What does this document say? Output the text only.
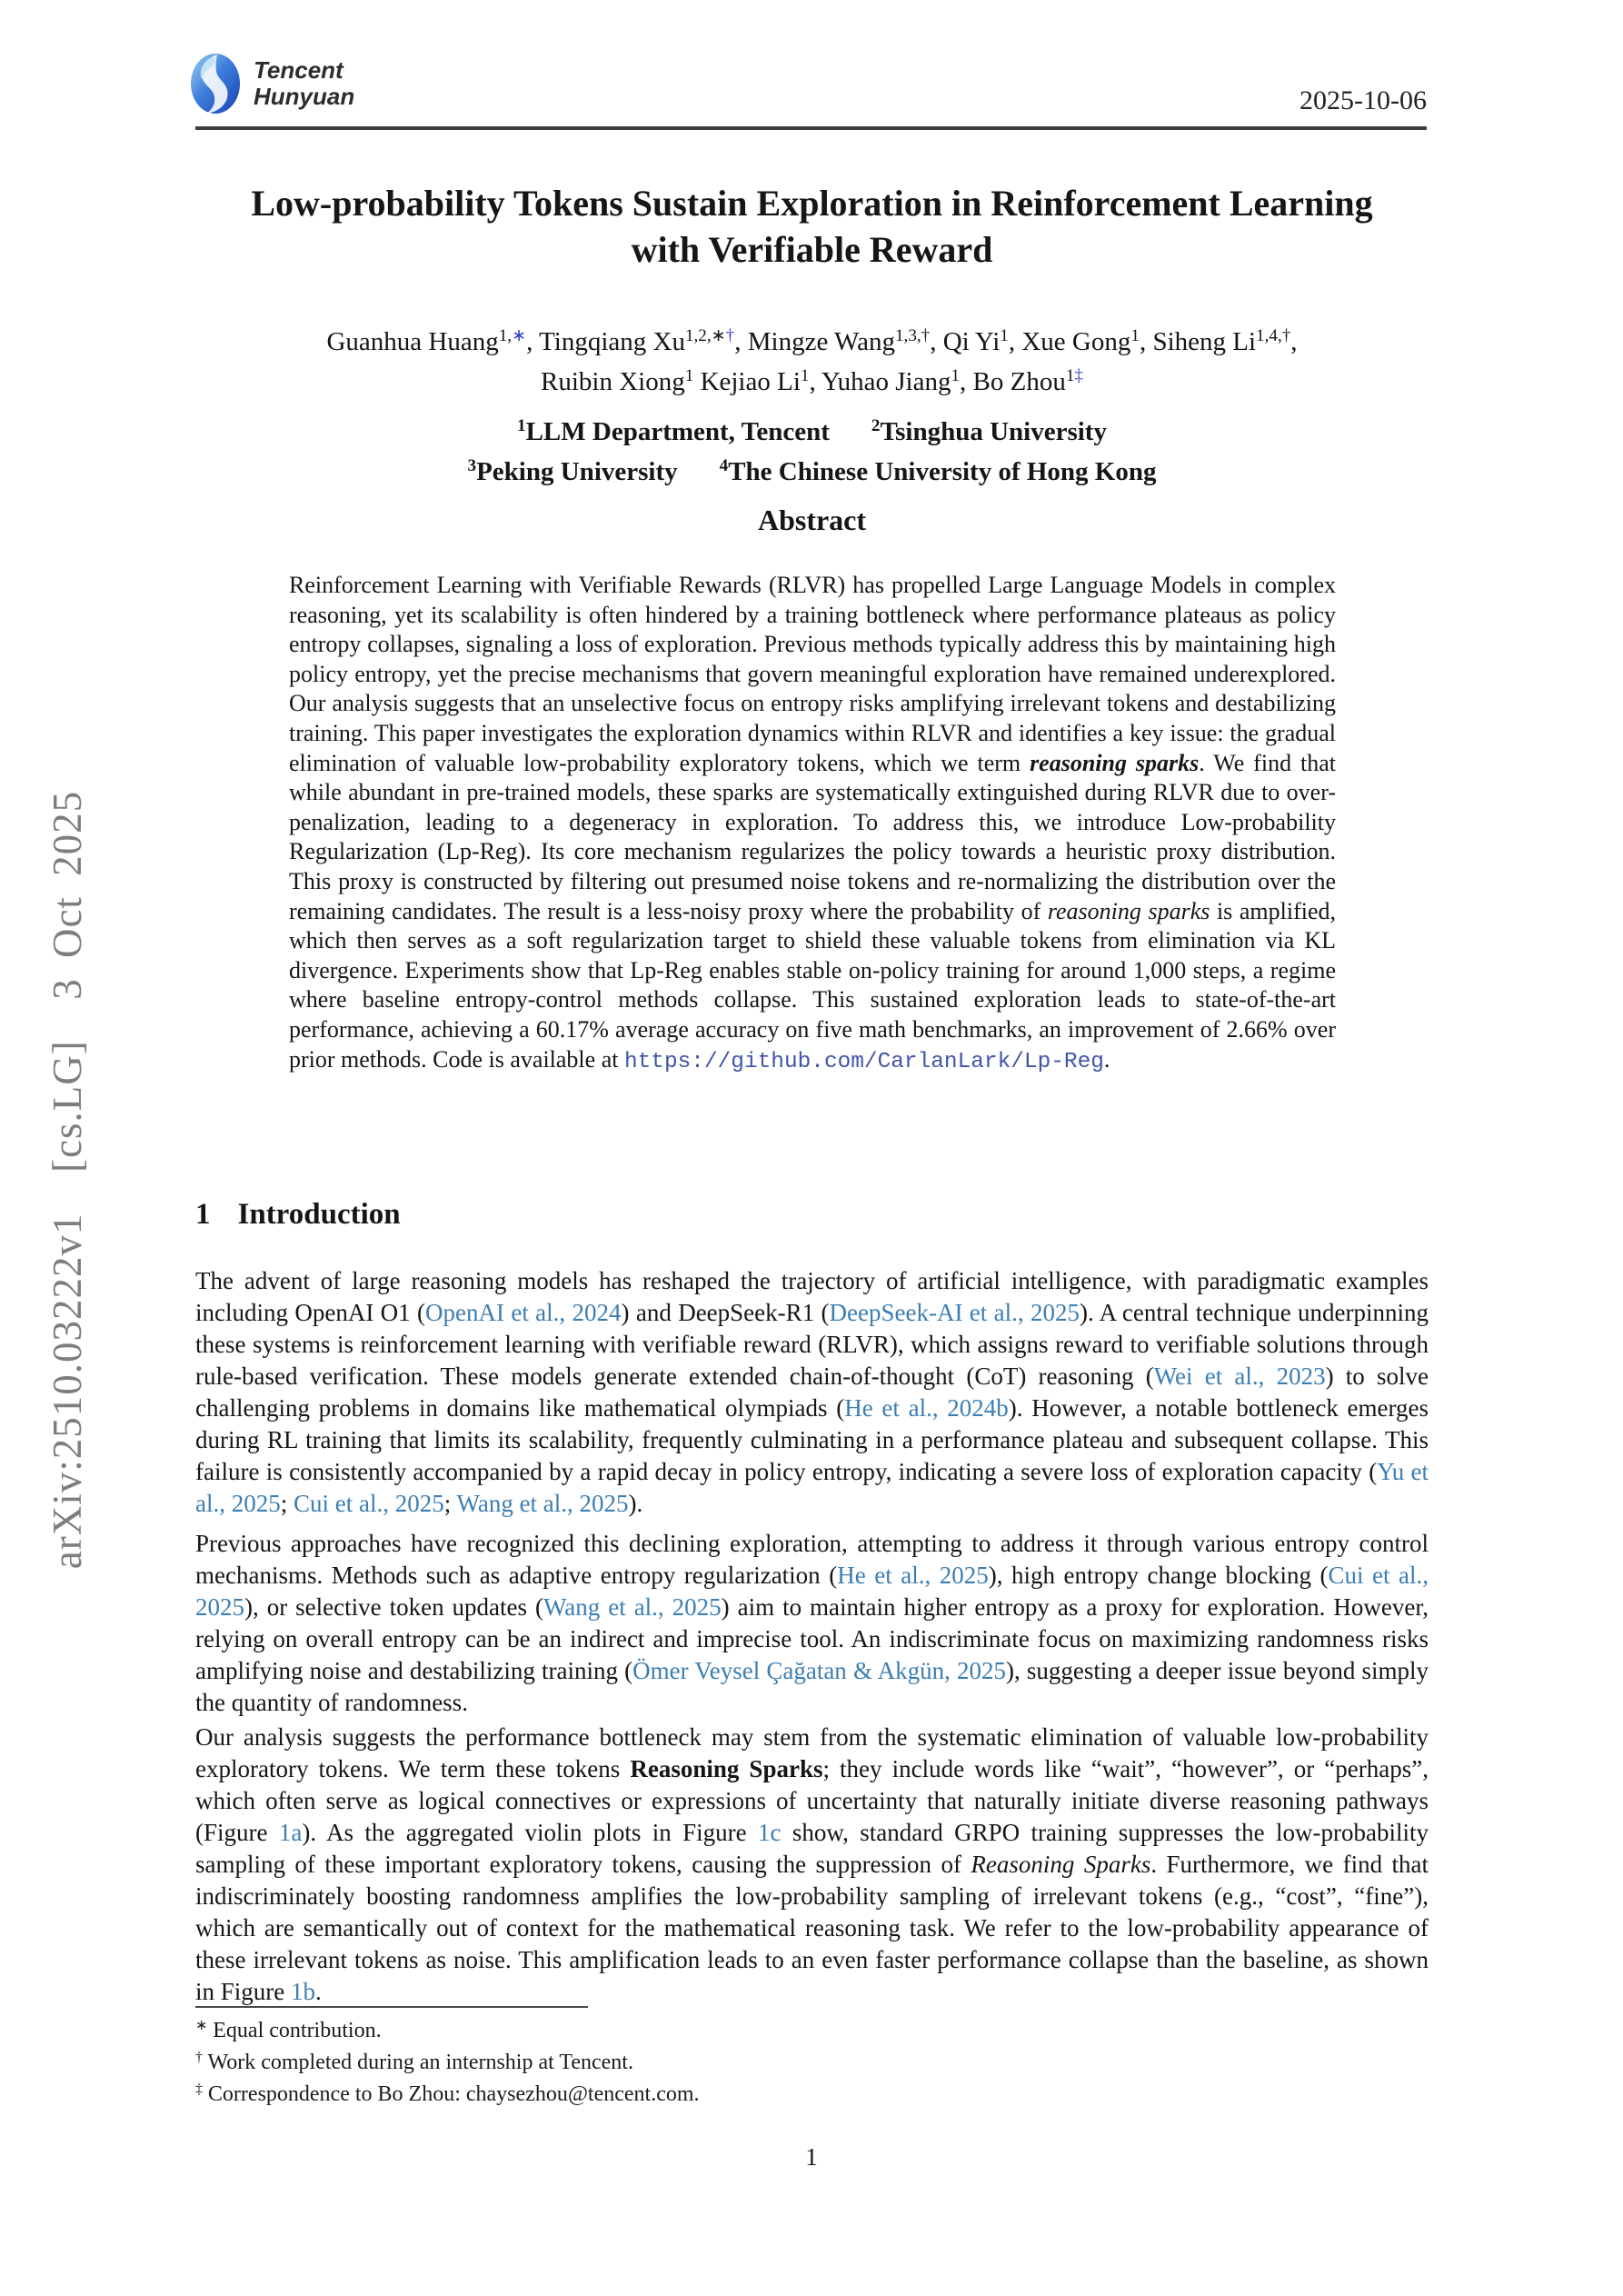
arXiv:2510.03222v1  [cs.LG]  3 Oct 2025
Tencent
Hunyuan	2025-10-06
Low-probability Tokens Sustain Exploration in Reinforcement Learning
with Verifiable Reward
Guanhua Huang$^{1,∗}$, Tingqiang $Xu^{1,2,∗\dagger}$, Mingze Wang$^{1,3,\dagger}$, Qi Yi$^1$, Xue Gong$^1$, Siheng $Li^{1,4,\dagger}$,
Ruibin Xiong$^1$ Kejiao Li$^1$, Yuhao Jiang$^1$, Bo Zhou$^{1\ddagger}$
$^1$LLM Department, Tencent $^2$Tsinghua University
$^3$Peking University $^4$The Chinese University of Hong Kong
Abstract

Reinforcement Learning with Verifiable Rewards (RLVR) has propelled Large Language Models in complex reasoning, yet its scalability is often hindered by a training bottleneck where performance plateaus as policy entropy collapses, signaling a loss of exploration. Previous methods typically address this by maintaining high policy entropy, yet the precise mechanisms that govern meaningful exploration have remained underexplored. Our analysis suggests that an unselective focus on entropy risks amplifying irrelevant tokens and destabilizing training. This paper investigates the exploration dynamics within RLVR and identifies a key issue: the gradual elimination of valuable low-probability exploratory tokens, which we term reasoning sparks. We find that while abundant in pre-trained models, these sparks are systematically extinguished during RLVR due to over-penalization, leading to a degeneracy in exploration. To address this, we introduce Low-probability Regularization (Lp-Reg). Its core mechanism regularizes the policy towards a heuristic proxy distribution. This proxy is constructed by filtering out presumed noise tokens and re-normalizing the distribution over the remaining candidates. The result is a less-noisy proxy where the probability of reasoning sparks is amplified, which then serves as a soft regularization target to shield these valuable tokens from elimination via KL divergence. Experiments show that Lp-Reg enables stable on-policy training for around 1,000 steps, a regime where baseline entropy-control methods collapse. This sustained exploration leads to state-of-the-art performance, achieving a 60.17% average accuracy on five math benchmarks, an improvement of 2.66% over prior methods. Code is available at https://github.com/CarlanLark/Lp-Reg.

1 Introduction

The advent of large reasoning models has reshaped the trajectory of artificial intelligence, with paradigmatic examples including OpenAI O1 (OpenAI et al., 2024) and DeepSeek-R1 (DeepSeek-AI et al., 2025). A central technique underpinning these systems is reinforcement learning with verifiable reward (RLVR), which assigns reward to verifiable solutions through rule-based verification. These models generate extended chain-of-thought (CoT) reasoning (Wei et al., 2023) to solve challenging problems in domains like mathematical olympiads (He et al., 2024b). However, a notable bottleneck emerges during RL training that limits its scalability, frequently culminating in a performance plateau and subsequent collapse. This failure is consistently accompanied by a rapid decay in policy entropy, indicating a severe loss of exploration capacity (Yu et al., 2025; Cui et al., 2025; Wang et al., 2025).

Previous approaches have recognized this declining exploration, attempting to address it through various entropy control mechanisms. Methods such as adaptive entropy regularization (He et al., 2025), high entropy change blocking (Cui et al., 2025), or selective token updates (Wang et al., 2025) aim to maintain higher entropy as a proxy for exploration. However, relying on overall entropy can be an indirect and imprecise tool. An indiscriminate focus on maximizing randomness risks amplifying noise and destabilizing training (Ömer Veysel Çağatan & Akgün, 2025), suggesting a deeper issue beyond simply the quantity of randomness.

Our analysis suggests the performance bottleneck may stem from the systematic elimination of valuable low-probability exploratory tokens. We term these tokens Reasoning Sparks; they include words like “wait”, “however”, or “perhaps”, which often serve as logical connectives or expressions of uncertainty that naturally initiate diverse reasoning pathways (Figure 1a). As the aggregated violin plots in Figure 1c show, standard GRPO training suppresses the low-probability sampling of these important exploratory tokens, causing the suppression of Reasoning Sparks. Furthermore, we find that indiscriminately boosting randomness amplifies the low-probability sampling of irrelevant tokens (e.g., “cost”, “fine”), which are semantically out of context for the mathematical reasoning task. We refer to the low-probability appearance of these irrelevant tokens as noise. This amplification leads to an even faster performance collapse than the baseline, as shown in Figure 1b.

∗ Equal contribution.
† Work completed during an internship at Tencent.
‡ Correspondence to Bo Zhou: chaysezhou@tencent.com.
1
